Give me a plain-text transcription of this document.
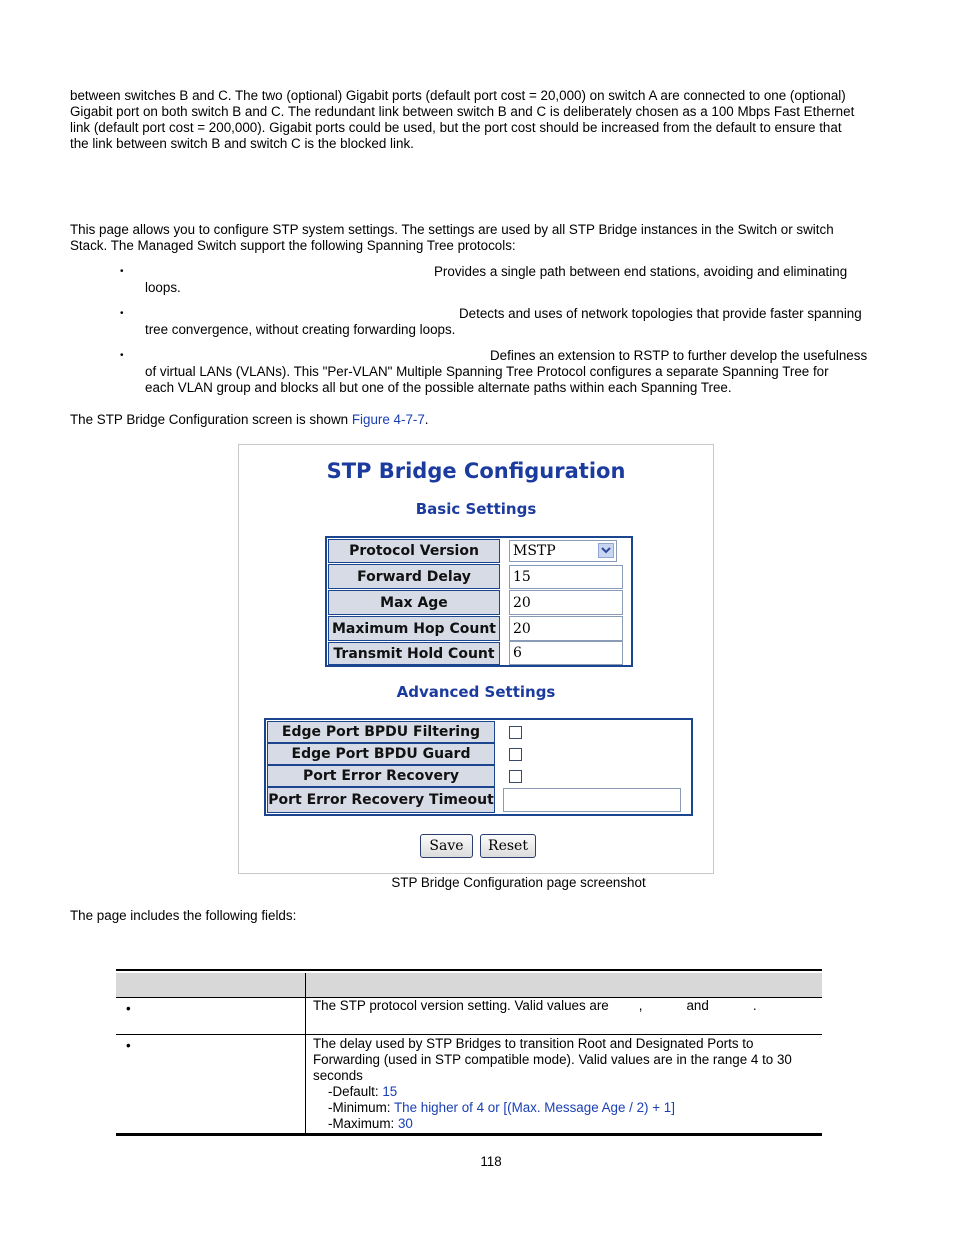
between switches B and C. The two (optional) Gigabit ports (default port cost = 20,000) on switch A are connected to one (optional)
Gigabit port on both switch B and C. The redundant link between switch B and C is deliberately chosen as a 100 Mbps Fast Ethernet
link (default port cost = 200,000). Gigabit ports could be used, but the port cost should be increased from the default to ensure that
the link between switch B and switch C is the blocked link.
This page allows you to configure STP system settings. The settings are used by all STP Bridge instances in the Switch or switch
Stack. The Managed Switch support the following Spanning Tree protocols:
•	Provides a single path between end stations, avoiding and eliminating
loops.
•	Detects and uses of network topologies that provide faster spanning
tree convergence, without creating forwarding loops.
•	Defines an extension to RSTP to further develop the usefulness
of virtual LANs (VLANs). This "Per-VLAN" Multiple Spanning Tree Protocol configures a separate Spanning Tree for
each VLAN group and blocks all but one of the possible alternate paths within each Spanning Tree.
The STP Bridge Configuration screen is shown Figure 4-7-7.
STP Bridge Configuration
Basic Settings
Protocol Version	MSTP
Forward Delay	15
Max Age	20
Maximum Hop Count 20
Transmit Hold Count	6
Advanced Settings
Edge Port BPDU Filtering
Edge Port BPDU Guard
Port Error Recovery
Port Error Recovery Timeout
Save	Reset
STP Bridge Configuration page screenshot
The page includes the following fields:
•	The STP protocol version setting. Valid values are ,	and	.
•	The delay used by STP Bridges to transition Root and Designated Ports to
Forwarding (used in STP compatible mode). Valid values are in the range 4 to 30
seconds
-Default: 15
-Minimum: The higher of 4 or [(Max. Message Age / 2) + 1]
-Maximum: 30
118
